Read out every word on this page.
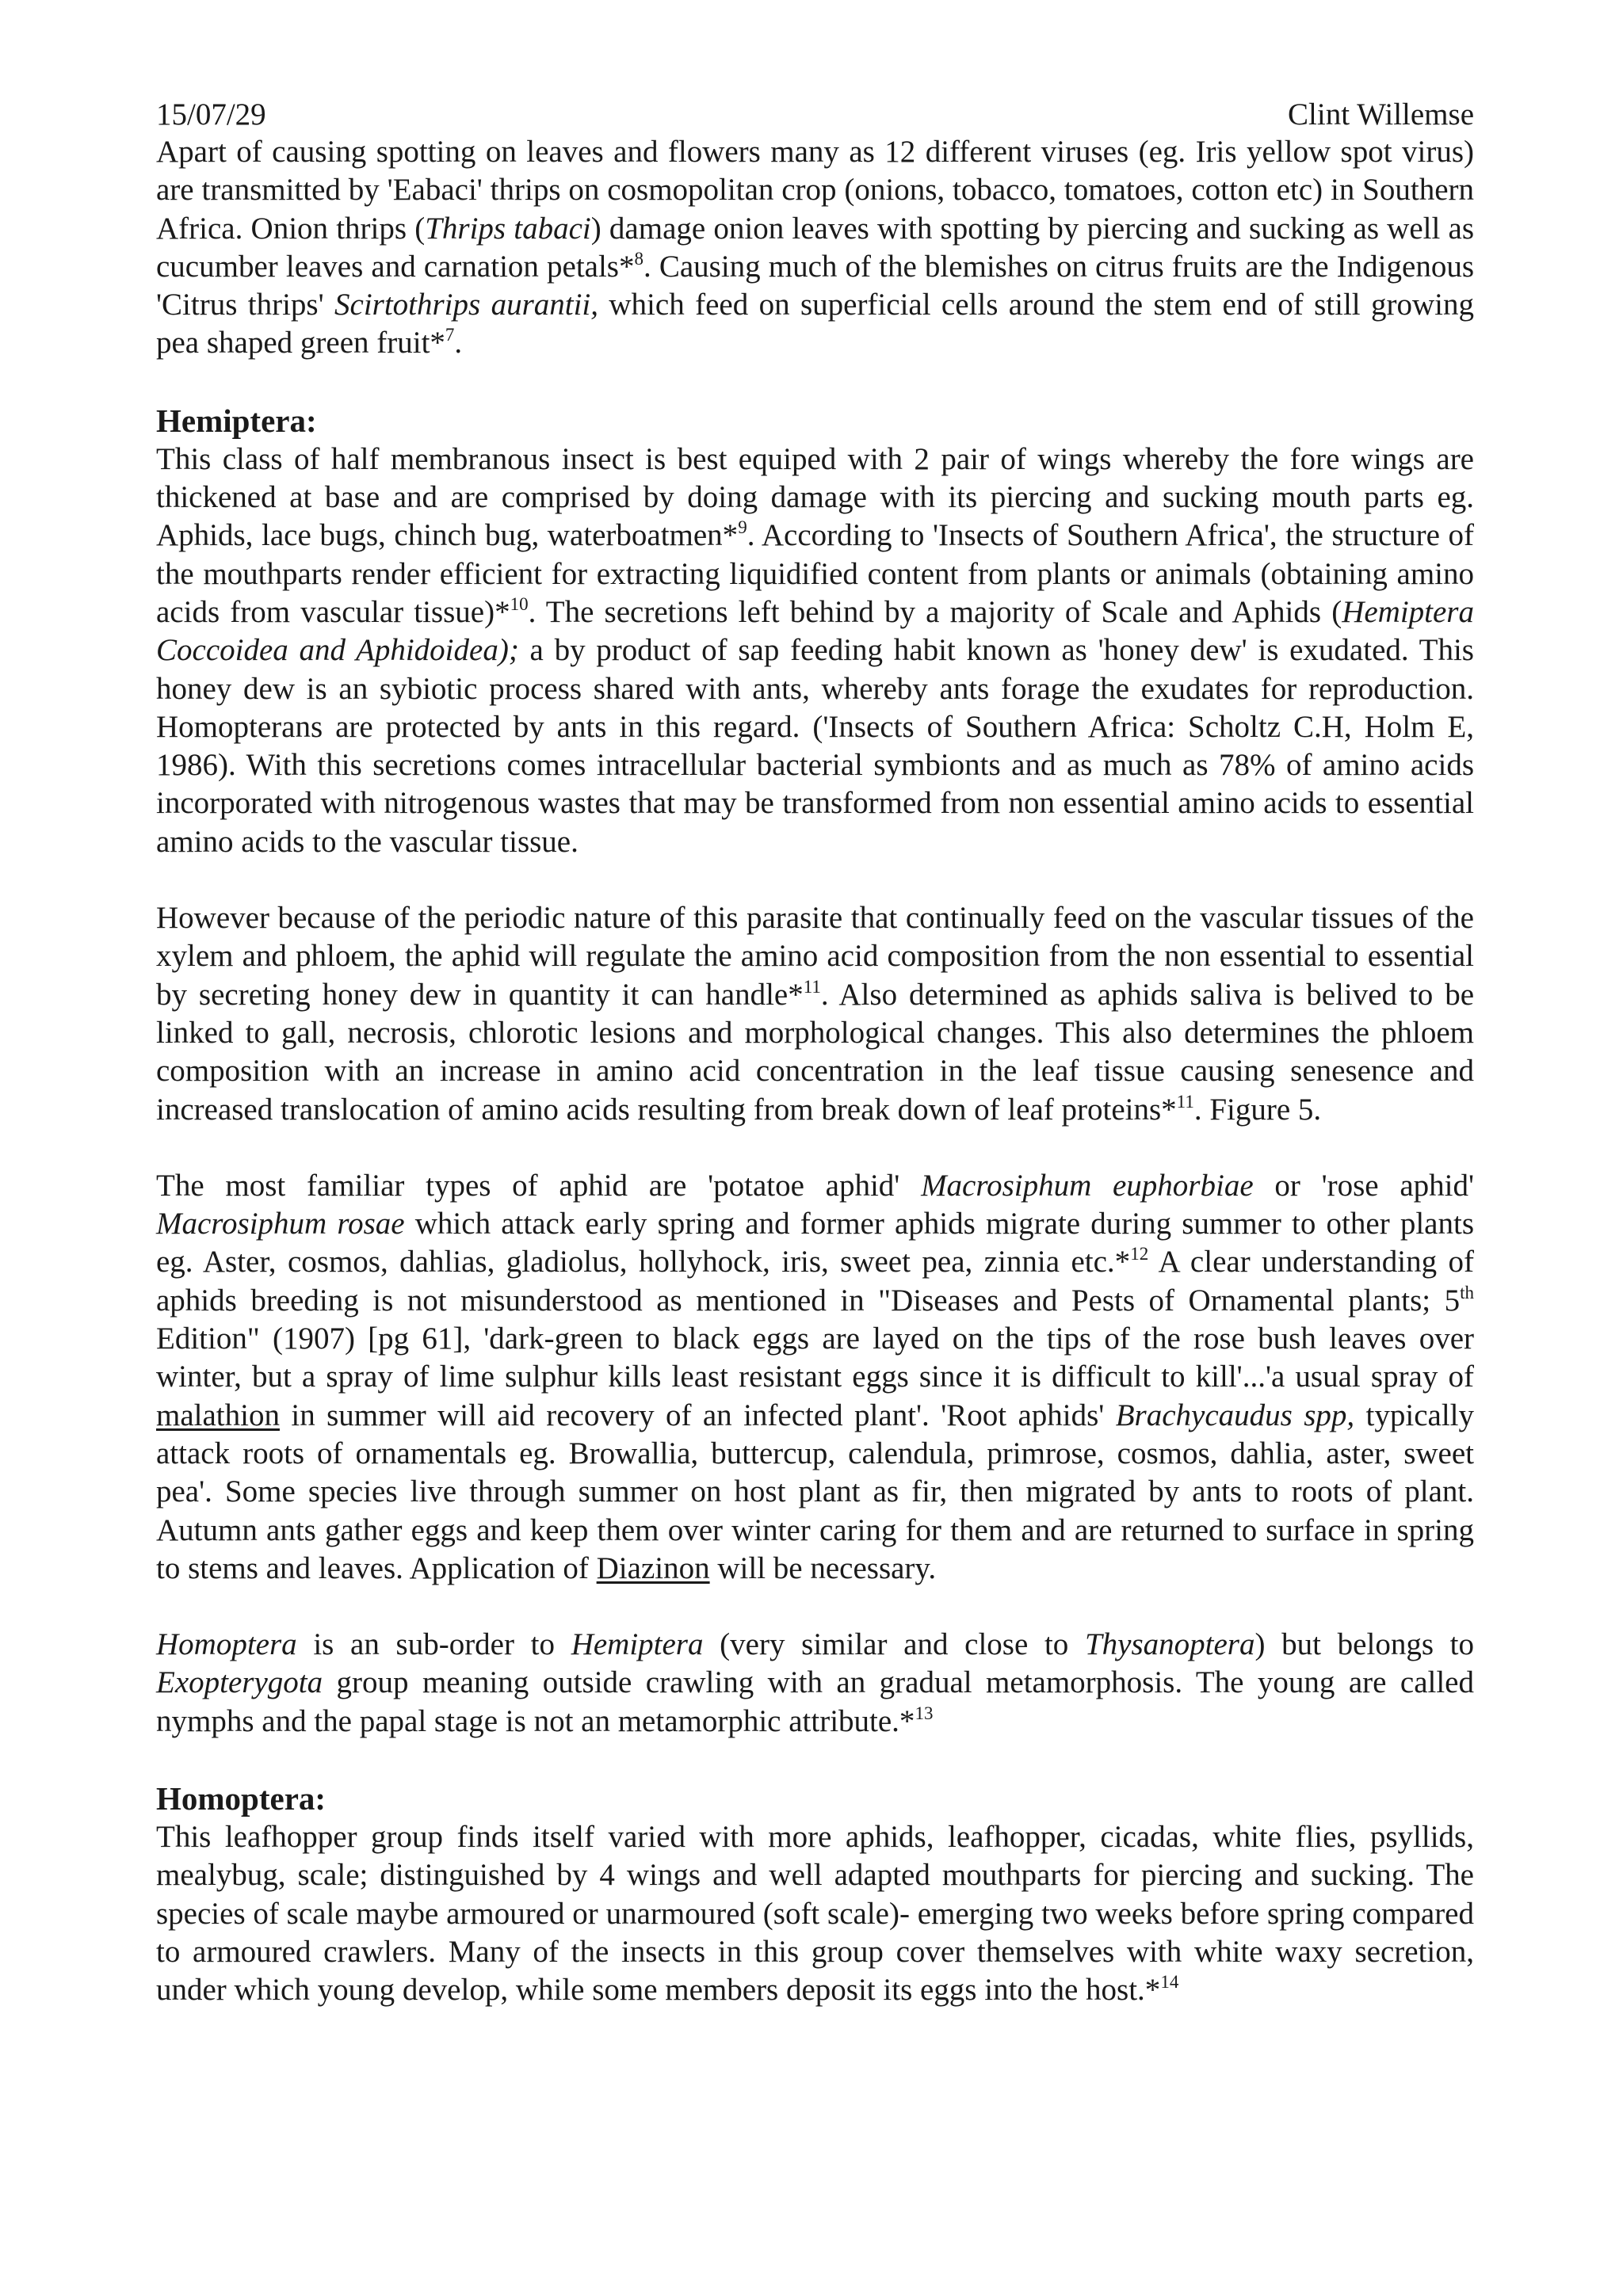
15/07/29	Clint Willemse

Apart of causing spotting on leaves and flowers many as 12 different viruses (eg. Iris yellow spot virus) are transmitted by 'Eabaci' thrips on cosmopolitan crop (onions, tobacco, tomatoes, cotton etc) in Southern Africa. Onion thrips (Thrips tabaci) damage onion leaves with spotting by piercing and sucking as well as cucumber leaves and carnation petals*$^8$. Causing much of the blemishes on citrus fruits are the Indigenous 'Citrus thrips' Scirtothrips aurantii, which feed on superficial cells around the stem end of still growing pea shaped green fruit*$^7$.

Hemiptera:

This class of half membranous insect is best equiped with 2 pair of wings whereby the fore wings are thickened at base and are comprised by doing damage with its piercing and sucking mouth parts eg. Aphids, lace bugs, chinch bug, waterboatmen*$^9$. According to 'Insects of Southern Africa', the structure of the mouthparts render efficient for extracting liquidified content from plants or animals (obtaining amino acids from vascular tissue)*$^{10}$. The secretions left behind by a majority of Scale and Aphids (Hemiptera Coccoidea and Aphidoidea); a by product of sap feeding habit known as 'honey dew' is exudated. This honey dew is an sybiotic process shared with ants, whereby ants forage the exudates for reproduction. Homopterans are protected by ants in this regard. ('Insects of Southern Africa: Scholtz C.H, Holm E, 1986). With this secretions comes intracellular bacterial symbionts and as much as 78% of amino acids incorporated with nitrogenous wastes that may be transformed from non essential amino acids to essential amino acids to the vascular tissue.

However because of the periodic nature of this parasite that continually feed on the vascular tissues of the xylem and phloem, the aphid will regulate the amino acid composition from the non essential to essential by secreting honey dew in quantity it can handle*$^{11}$. Also determined as aphids saliva is belived to be linked to gall, necrosis, chlorotic lesions and morphological changes. This also determines the phloem composition with an increase in amino acid concentration in the leaf tissue causing senesence and increased translocation of amino acids resulting from break down of leaf proteins*$^{11}$. Figure 5.

The most familiar types of aphid are 'potatoe aphid' Macrosiphum euphorbiae or 'rose aphid' Macrosiphum rosae which attack early spring and former aphids migrate during summer to other plants eg. Aster, cosmos, dahlias, gladiolus, hollyhock, iris, sweet pea, zinnia etc.*$^{12}$ A clear understanding of aphids breeding is not misunderstood as mentioned in "Diseases and Pests of Ornamental plants; 5th Edition" (1907) [pg 61], 'dark-green to black eggs are layed on the tips of the rose bush leaves over winter, but a spray of lime sulphur kills least resistant eggs since it is difficult to kill'...'a usual spray of malathion in summer will aid recovery of an infected plant'. 'Root aphids' Brachycaudus spp, typically attack roots of ornamentals eg. Browallia, buttercup, calendula, primrose, cosmos, dahlia, aster, sweet pea'. Some species live through summer on host plant as fir, then migrated by ants to roots of plant. Autumn ants gather eggs and keep them over winter caring for them and are returned to surface in spring to stems and leaves. Application of Diazinon will be necessary.

Homoptera is an sub-order to Hemiptera (very similar and close to Thysanoptera) but belongs to Exopterygota group meaning outside crawling with an gradual metamorphosis. The young are called nymphs and the papal stage is not an metamorphic attribute.*$^{13}$

Homoptera:

This leafhopper group finds itself varied with more aphids, leafhopper, cicadas, white flies, psyllids, mealybug, scale; distinguished by 4 wings and well adapted mouthparts for piercing and sucking. The species of scale maybe armoured or unarmoured (soft scale)- emerging two weeks before spring compared to armoured crawlers. Many of the insects in this group cover themselves with white waxy secretion, under which young develop, while some members deposit its eggs into the host.*$^{14}$
